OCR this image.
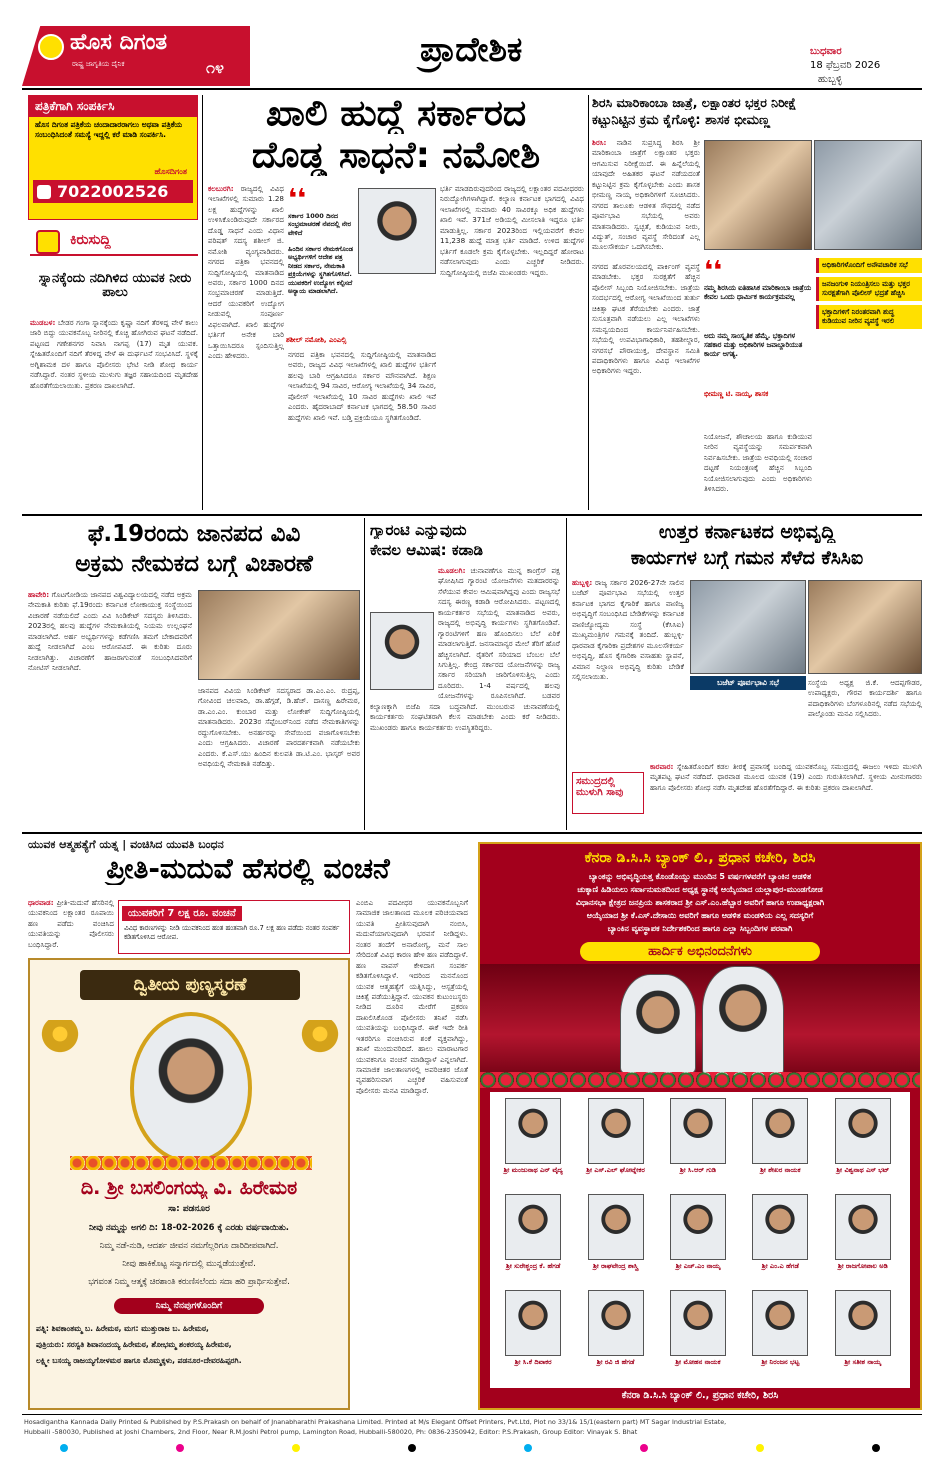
ಹೊಸ ದಿಗಂತ
ರಾಷ್ಟ್ರ ಜಾಗೃತಿಯ ದೈನಿಕ	೧೪	ಪ್ರಾದೇಶಿಕ	ಬುಧವಾರ
18 ಫೆಬ್ರವರಿ 2026
ಹುಬ್ಬಳ್ಳಿ
ಪತ್ರಿಕೆಗಾಗಿ ಸಂಪರ್ಕಿಸಿ
ಹೊಸ ದಿಗಂತ ಪತ್ರಿಕೆಯ ಚಂದಾದಾರರಾಗಲು ಅಥವಾ ಪತ್ರಿಕೆಯ ಸಂಬಂಧಿಸಿದಂತೆ ಸಮಸ್ಯೆ ಇದ್ದಲ್ಲಿ ಕರೆ ಮಾಡಿ ಸಂಪರ್ಕಿಸಿ.
ಹೊಸದಿಗಂತ
7022002526
ಕಿರುಸುದ್ದಿ
ಸ್ನಾನಕ್ಕೆಂದು ನದಿಗಿಳಿದ ಯುವಕ ನೀರು ಪಾಲು
ಮುಡಬಳ: ಬೇಡರ ಗಂಗಾ ಸ್ನಾನಕ್ಕೆಂದು ಕೃಷ್ಣಾ ನದಿಗೆ ತೆರಳಿದ್ದ ವೇಳೆ ಕಾಲು ಜಾರಿ ಬಿದ್ದು ಯುವಕನೊಬ್ಬ ನೀರಿನಲ್ಲಿ ಕೊಚ್ಚಿ ಹೋಗಿರುವ ಘಟನೆ ನಡೆದಿದೆ. ಪಟ್ಟಣದ ಗಣೇಶನಗರ ನಿವಾಸಿ ನಾಗಪ್ಪ (17) ಮೃತ ಯುವಕ. ಸ್ನೇಹಿತರೊಂದಿಗೆ ನದಿಗೆ ತೆರಳಿದ್ದ ವೇಳೆ ಈ ದುರ್ಘಟನೆ ಸಂಭವಿಸಿದೆ. ಸ್ಥಳಕ್ಕೆ ಅಗ್ನಿಶಾಮಕ ದಳ ಹಾಗೂ ಪೊಲೀಸರು ಭೇಟಿ ನೀಡಿ ಶೋಧ ಕಾರ್ಯ ನಡೆಸಿದ್ದಾರೆ. ನಂತರ ಸ್ಥಳೀಯ ಮುಳುಗು ತಜ್ಞರ ಸಹಾಯದಿಂದ ಮೃತದೇಹ ಹೊರತೆಗೆಯಲಾಯಿತು. ಪ್ರಕರಣ ದಾಖಲಾಗಿದೆ.
ಖಾಲಿ ಹುದ್ದೆ ಸರ್ಕಾರದ
ದೊಡ್ಡ ಸಾಧನೆ: ನಮೋಶಿ
ಕಲಬುರಗಿ: ರಾಜ್ಯದಲ್ಲಿ ವಿವಿಧ ಇಲಾಖೆಗಳಲ್ಲಿ ಸುಮಾರು 1.28 ಲಕ್ಷ ಹುದ್ದೆಗಳನ್ನು ಖಾಲಿ ಉಳಿಸಿಕೊಂಡಿರುವುದೇ ಸರ್ಕಾರದ ದೊಡ್ಡ ಸಾಧನೆ ಎಂದು ವಿಧಾನ ಪರಿಷತ್ ಸದಸ್ಯ ಶಶೀಲ್ ಜಿ. ನಮೋಶಿ ವ್ಯಂಗ್ಯವಾಡಿದರು. ನಗರದ ಪತ್ರಿಕಾ ಭವನದಲ್ಲಿ ಸುದ್ದಿಗೋಷ್ಠಿಯಲ್ಲಿ ಮಾತನಾಡಿದ ಅವರು, ಸರ್ಕಾರ 1000 ದಿನದ ಸಂಭ್ರಮಾಚರಣೆ ಮಾಡುತ್ತಿದೆ. ಆದರೆ ಯುವಕರಿಗೆ ಉದ್ಯೋಗ ನೀಡುವಲ್ಲಿ ಸಂಪೂರ್ಣ ವಿಫಲವಾಗಿದೆ. ಖಾಲಿ ಹುದ್ದೆಗಳ ಭರ್ತಿಗೆ ಅನೇಕ ಬಾರಿ ಒತ್ತಾಯಿಸಿದರೂ ಸ್ಪಂದಿಸುತ್ತಿಲ್ಲ ಎಂದು ಹೇಳಿದರು.
❛❛
ಸರ್ಕಾರ 1000 ದಿನದ ಸಂಭ್ರಮಾಚರಣೆ ನೆಪದಲ್ಲಿ ನೇರ ವೇಳಿದೆ
ಹಿಂದಿನ ಸರ್ಕಾರ ನೇಮಕಗೊಂಡ ಅಭ್ಯರ್ಥಿಗಳಿಗೆ ಆದೇಶ ಪತ್ರ ನೀಡದ ಸರ್ಕಾರ, ನೇಮಕಾತಿ ಪ್ರಕ್ರಿಯೆಗಳನ್ನು ಸ್ಥಗಿತಗೊಳಿಸಿದೆ. ಯುವಕರಿಗೆ ಉದ್ಯೋಗ ಕಲ್ಪಿಸದೆ ಅನ್ಯಾಯ ಮಾಡಲಾಗಿದೆ.
ಶಶೀಲ್ ನಮೋಶಿ, ಎಂಎಲ್ಸಿ
ನಗರದ ಪತ್ರಿಕಾ ಭವನದಲ್ಲಿ ಸುದ್ದಿಗೋಷ್ಠಿಯಲ್ಲಿ ಮಾತನಾಡಿದ ಅವರು, ರಾಜ್ಯದ ವಿವಿಧ ಇಲಾಖೆಗಳಲ್ಲಿ ಖಾಲಿ ಹುದ್ದೆಗಳ ಭರ್ತಿಗೆ ಹಲವು ಬಾರಿ ಆಗ್ರಹಿಸಿದರೂ ಸರ್ಕಾರ ಮೌನವಾಗಿದೆ. ಶಿಕ್ಷಣ ಇಲಾಖೆಯಲ್ಲಿ 94 ಸಾವಿರ, ಆರೋಗ್ಯ ಇಲಾಖೆಯಲ್ಲಿ 34 ಸಾವಿರ, ಪೊಲೀಸ್ ಇಲಾಖೆಯಲ್ಲಿ 10 ಸಾವಿರ ಹುದ್ದೆಗಳು ಖಾಲಿ ಇವೆ ಎಂದರು. ಹೈದರಾಬಾದ್ ಕರ್ನಾಟಕ ಭಾಗದಲ್ಲಿ 58.50 ಸಾವಿರ ಹುದ್ದೆಗಳು ಖಾಲಿ ಇವೆ. ಬಡ್ತಿ ಪ್ರಕ್ರಿಯೆಯೂ ಸ್ಥಗಿತಗೊಂಡಿದೆ.
ಭರ್ತಿ ಮಾಡದಿರುವುದರಿಂದ ರಾಜ್ಯದಲ್ಲಿ ಲಕ್ಷಾಂತರ ಪದವೀಧರರು ನಿರುದ್ಯೋಗಿಗಳಾಗಿದ್ದಾರೆ. ಕಲ್ಯಾಣ ಕರ್ನಾಟಕ ಭಾಗದಲ್ಲಿ ವಿವಿಧ ಇಲಾಖೆಗಳಲ್ಲಿ ಸುಮಾರು 40 ಸಾವಿರಕ್ಕೂ ಅಧಿಕ ಹುದ್ದೆಗಳು ಖಾಲಿ ಇವೆ. 371ಜೆ ಅಡಿಯಲ್ಲಿ ಮೀಸಲಾತಿ ಇದ್ದರೂ ಭರ್ತಿ ಮಾಡುತ್ತಿಲ್ಲ. ಸರ್ಕಾರ 2023ರಿಂದ ಇಲ್ಲಿಯವರೆಗೆ ಕೇವಲ 11,238 ಹುದ್ದೆ ಮಾತ್ರ ಭರ್ತಿ ಮಾಡಿದೆ. ಉಳಿದ ಹುದ್ದೆಗಳ ಭರ್ತಿಗೆ ಕೂಡಲೇ ಕ್ರಮ ಕೈಗೊಳ್ಳಬೇಕು. ಇಲ್ಲದಿದ್ದರೆ ಹೋರಾಟ ನಡೆಸಲಾಗುವುದು ಎಂದು ಎಚ್ಚರಿಕೆ ನೀಡಿದರು. ಸುದ್ದಿಗೋಷ್ಠಿಯಲ್ಲಿ ಬಿಜೆಪಿ ಮುಖಂಡರು ಇದ್ದರು.
ಶಿರಸಿ ಮಾರಿಕಾಂಬಾ ಜಾತ್ರೆ, ಲಕ್ಷಾಂತರ ಭಕ್ತರ ನಿರೀಕ್ಷೆ
ಕಟ್ಟುನಿಟ್ಟಿನ ಕ್ರಮ ಕೈಗೊಳ್ಳಿ: ಶಾಸಕ ಭೀಮಣ್ಣ
ಶಿರಸಿ: ನಾಡಿನ ಸುಪ್ರಸಿದ್ಧ ಶಿರಸಿ ಶ್ರೀ ಮಾರಿಕಾಂಬಾ ಜಾತ್ರೆಗೆ ಲಕ್ಷಾಂತರ ಭಕ್ತರು ಆಗಮಿಸುವ ನಿರೀಕ್ಷೆಯಿದೆ. ಈ ಹಿನ್ನೆಲೆಯಲ್ಲಿ ಯಾವುದೇ ಅಹಿತಕರ ಘಟನೆ ನಡೆಯದಂತೆ ಕಟ್ಟುನಿಟ್ಟಿನ ಕ್ರಮ ಕೈಗೊಳ್ಳಬೇಕು ಎಂದು ಶಾಸಕ ಭೀಮಣ್ಣ ನಾಯ್ಕ ಅಧಿಕಾರಿಗಳಿಗೆ ಸೂಚಿಸಿದರು. ನಗರದ ತಾಲೂಕು ಆಡಳಿತ ಸೌಧದಲ್ಲಿ ನಡೆದ ಪೂರ್ವಭಾವಿ ಸಭೆಯಲ್ಲಿ ಅವರು ಮಾತನಾಡಿದರು. ಸ್ವಚ್ಛತೆ, ಕುಡಿಯುವ ನೀರು, ವಿದ್ಯುತ್, ಸಂಚಾರ ವ್ಯವಸ್ಥೆ ಸೇರಿದಂತೆ ಎಲ್ಲ ಮೂಲಸೌಕರ್ಯ ಒದಗಿಸಬೇಕು.
ನಗರದ ಹೊರವಲಯದಲ್ಲಿ ಪಾರ್ಕಿಂಗ್ ವ್ಯವಸ್ಥೆ ಮಾಡಬೇಕು. ಭಕ್ತರ ಸುರಕ್ಷತೆಗೆ ಹೆಚ್ಚಿನ ಪೊಲೀಸ್ ಸಿಬ್ಬಂದಿ ನಿಯೋಜಿಸಬೇಕು. ಜಾತ್ರೆಯ ಸಂದರ್ಭದಲ್ಲಿ ಆರೋಗ್ಯ ಇಲಾಖೆಯಿಂದ ತುರ್ತು ಚಿಕಿತ್ಸಾ ಘಟಕ ತೆರೆಯಬೇಕು ಎಂದರು. ಜಾತ್ರೆ ಸುಸೂತ್ರವಾಗಿ ನಡೆಯಲು ಎಲ್ಲ ಇಲಾಖೆಗಳು ಸಮನ್ವಯದಿಂದ ಕಾರ್ಯನಿರ್ವಹಿಸಬೇಕು. ಸಭೆಯಲ್ಲಿ ಉಪವಿಭಾಗಾಧಿಕಾರಿ, ತಹಶೀಲ್ದಾರ, ನಗರಸಭೆ ಪೌರಾಯುಕ್ತ, ದೇವಸ್ಥಾನ ಸಮಿತಿ ಪದಾಧಿಕಾರಿಗಳು ಹಾಗೂ ವಿವಿಧ ಇಲಾಖೆಗಳ ಅಧಿಕಾರಿಗಳು ಇದ್ದರು.
❛❛
ನಮ್ಮ ಶಿರಸಿಯ ಐತಿಹಾಸಿಕ ಮಾರಿಕಾಂಬಾ ಜಾತ್ರೆಯ ಕೇವಲ ಒಂದು ಧಾರ್ಮಿಕ ಕಾರ್ಯಕ್ರಮವಲ್ಲ
ಅದು ನಮ್ಮ ಸಾಂಸ್ಕೃತಿಕ ಹೆಮ್ಮೆ. ಭಕ್ತಾದಿಗಳ ಸಹಕಾರ ಮತ್ತು ಅಧಿಕಾರಿಗಳ ಜವಾಬ್ದಾರಿಯುತ ಕಾರ್ಯ ಅಗತ್ಯ.
ಭೀಮಣ್ಣ ಟಿ. ನಾಯ್ಕ, ಶಾಸಕ
ನಿಯೋಜನೆ, ಶೌಚಾಲಯ ಹಾಗೂ ಕುಡಿಯುವ ನೀರಿನ ವ್ಯವಸ್ಥೆಯನ್ನು ಸಮರ್ಪಕವಾಗಿ ನಿರ್ವಹಿಸಬೇಕು. ಜಾತ್ರೆಯ ಅವಧಿಯಲ್ಲಿ ಸಂಚಾರ ದಟ್ಟಣೆ ನಿಯಂತ್ರಣಕ್ಕೆ ಹೆಚ್ಚಿನ ಸಿಬ್ಬಂದಿ ನಿಯೋಜಿಸಲಾಗುವುದು ಎಂದು ಅಧಿಕಾರಿಗಳು ತಿಳಿಸಿದರು.
ಅಧಿಕಾರಿಗಳೊಂದಿಗೆ ಅನೌಪಚಾರಿಕ ಸಭೆ
ಜನಜಂಗುಳಿ ನಿಯಂತ್ರಿಸಲು ಮತ್ತು ಭಕ್ತರ ಸುರಕ್ಷತೆಗಾಗಿ ಪೊಲೀಸ್ ಭದ್ರತೆ ಹೆಚ್ಚಿಸಿ
ಭಕ್ತಾದಿಗಳಿಗೆ ನಿರಂತರವಾಗಿ ಶುದ್ಧ ಕುಡಿಯುವ ನೀರಿನ ವ್ಯವಸ್ಥೆ ಇರಲಿ
ಫೆ.19ರಂದು ಜಾನಪದ ವಿವಿ
ಅಕ್ರಮ ನೇಮಕದ ಬಗ್ಗೆ ವಿಚಾರಣೆ
ಹಾವೇರಿ: ಗೊಟಗೋಡಿಯ ಜಾನಪದ ವಿಶ್ವವಿದ್ಯಾಲಯದಲ್ಲಿ ನಡೆದ ಅಕ್ರಮ ನೇಮಕಾತಿ ಕುರಿತು ಫೆ.19ರಂದು ಕರ್ನಾಟಕ ಲೋಕಾಯುಕ್ತ ಸಂಸ್ಥೆಯಿಂದ ವಿಚಾರಣೆ ನಡೆಯಲಿದೆ ಎಂದು ವಿವಿ ಸಿಂಡಿಕೇಟ್ ಸದಸ್ಯರು ತಿಳಿಸಿದರು. 2023ರಲ್ಲಿ ಹಲವು ಹುದ್ದೆಗಳ ನೇಮಕಾತಿಯಲ್ಲಿ ನಿಯಮ ಉಲ್ಲಂಘನೆ ಮಾಡಲಾಗಿದೆ. ಅರ್ಹ ಅಭ್ಯರ್ಥಿಗಳನ್ನು ಕಡೆಗಣಿಸಿ ತಮಗೆ ಬೇಕಾದವರಿಗೆ ಹುದ್ದೆ ನೀಡಲಾಗಿದೆ ಎಂಬ ಆರೋಪವಿದೆ. ಈ ಕುರಿತು ದೂರು ನೀಡಲಾಗಿತ್ತು. ವಿಚಾರಣೆಗೆ ಹಾಜರಾಗುವಂತೆ ಸಂಬಂಧಿಸಿದವರಿಗೆ ನೋಟಿಸ್ ನೀಡಲಾಗಿದೆ.
ಜಾನಪದ ವಿವಿಯ ಸಿಂಡಿಕೇಟ್ ಸದಸ್ಯರಾದ ಡಾ.ಎಂ.ಎಂ. ರುದ್ರಪ್ಪ, ಗೋವಿಂದ ಚಲವಾದಿ, ಡಾ.ಹೆಗ್ಗಡೆ, ಡಿ.ಹೆಚ್. ದಾಸಣ್ಣ ಹಿರೇಮಠ, ಡಾ.ಎಂ.ಎಂ. ಕುಂಬಾರ ಮತ್ತು ಲೋಕೇಶ್ ಸುದ್ದಿಗೋಷ್ಠಿಯಲ್ಲಿ ಮಾತನಾಡಿದರು. 2023ರ ಸೆಪ್ಟೆಂಬರ್‌ನಿಂದ ನಡೆದ ನೇಮಕಾತಿಗಳನ್ನು ರದ್ದುಗೊಳಿಸಬೇಕು. ಅನರ್ಹರನ್ನು ಸೇವೆಯಿಂದ ವಜಾಗೊಳಿಸಬೇಕು ಎಂದು ಆಗ್ರಹಿಸಿದರು. ವಿಚಾರಣೆ ಪಾರದರ್ಶಕವಾಗಿ ನಡೆಯಬೇಕು ಎಂದರು. ಕೆ.ಎಸ್.ಯು ಹಿಂದಿನ ಕುಲಪತಿ ಡಾ.ಟಿ.ಎಂ. ಭಾಸ್ಕರ್ ಅವರ ಅವಧಿಯಲ್ಲಿ ನೇಮಕಾತಿ ನಡೆದಿತ್ತು.
ಗ್ಯಾರಂಟಿ ಎನ್ನುವುದು
ಕೇವಲ ಆಮಿಷ: ಕಡಾಡಿ
ಮೂಡಲಗಿ: ಚುನಾವಣೆಗೂ ಮುನ್ನ ಕಾಂಗ್ರೆಸ್ ಪಕ್ಷ ಘೋಷಿಸಿದ ಗ್ಯಾರಂಟಿ ಯೋಜನೆಗಳು ಮತದಾರರನ್ನು ಸೆಳೆಯುವ ಕೇವಲ ಆಮಿಷವಾಗಿದ್ದವು ಎಂದು ರಾಜ್ಯಸಭೆ ಸದಸ್ಯ ಈರಣ್ಣ ಕಡಾಡಿ ಆರೋಪಿಸಿದರು. ಪಟ್ಟಣದಲ್ಲಿ ಕಾರ್ಯಕರ್ತರ ಸಭೆಯಲ್ಲಿ ಮಾತನಾಡಿದ ಅವರು, ರಾಜ್ಯದಲ್ಲಿ ಅಭಿವೃದ್ಧಿ ಕಾರ್ಯಗಳು ಸ್ಥಗಿತಗೊಂಡಿವೆ. ಗ್ಯಾರಂಟಿಗಳಿಗೆ ಹಣ ಹೊಂದಿಸಲು ಬೆಲೆ ಏರಿಕೆ ಮಾಡಲಾಗುತ್ತಿದೆ. ಜನಸಾಮಾನ್ಯರ ಮೇಲೆ ತೆರಿಗೆ ಹೊರೆ ಹೆಚ್ಚಿಸಲಾಗಿದೆ. ರೈತರಿಗೆ ಸರಿಯಾದ ಬೆಂಬಲ ಬೆಲೆ ಸಿಗುತ್ತಿಲ್ಲ. ಕೇಂದ್ರ ಸರ್ಕಾರದ ಯೋಜನೆಗಳನ್ನು ರಾಜ್ಯ ಸರ್ಕಾರ ಸರಿಯಾಗಿ ಜಾರಿಗೊಳಿಸುತ್ತಿಲ್ಲ ಎಂದು ದೂರಿದರು. 1-4 ವರ್ಷದಲ್ಲಿ ಹಲವು ಯೋಜನೆಗಳನ್ನು ರೂಪಿಸಲಾಗಿದೆ. ಬಡವರ ಕಲ್ಯಾಣಕ್ಕಾಗಿ ಬಿಜೆಪಿ ಸದಾ ಬದ್ಧವಾಗಿದೆ. ಮುಂಬರುವ ಚುನಾವಣೆಯಲ್ಲಿ ಕಾರ್ಯಕರ್ತರು ಸಂಘಟಿತರಾಗಿ ಕೆಲಸ ಮಾಡಬೇಕು ಎಂದು ಕರೆ ನೀಡಿದರು. ಮುಖಂಡರು ಹಾಗೂ ಕಾರ್ಯಕರ್ತರು ಉಪಸ್ಥಿತರಿದ್ದರು.
ಉತ್ತರ ಕರ್ನಾಟಕದ ಅಭಿವೃದ್ಧಿ
ಕಾರ್ಯಗಳ ಬಗ್ಗೆ ಗಮನ ಸೆಳೆದ ಕೆಸಿಸಿಐ
ಹುಬ್ಬಳ್ಳಿ: ರಾಜ್ಯ ಸರ್ಕಾರ 2026-27ನೇ ಸಾಲಿನ ಬಜೆಟ್ ಪೂರ್ವಭಾವಿ ಸಭೆಯಲ್ಲಿ ಉತ್ತರ ಕರ್ನಾಟಕ ಭಾಗದ ಕೈಗಾರಿಕೆ ಹಾಗೂ ವಾಣಿಜ್ಯ ಅಭಿವೃದ್ಧಿಗೆ ಸಂಬಂಧಿಸಿದ ಬೇಡಿಕೆಗಳನ್ನು ಕರ್ನಾಟಕ ವಾಣಿಜ್ಯೋದ್ಯಮ ಸಂಸ್ಥೆ (ಕೆಸಿಸಿಐ) ಮುಖ್ಯಮಂತ್ರಿಗಳ ಗಮನಕ್ಕೆ ತಂದಿದೆ. ಹುಬ್ಬಳ್ಳಿ-ಧಾರವಾಡ ಕೈಗಾರಿಕಾ ಪ್ರದೇಶಗಳ ಮೂಲಸೌಕರ್ಯ ಅಭಿವೃದ್ಧಿ, ಹೊಸ ಕೈಗಾರಿಕಾ ವಸಾಹತು ಸ್ಥಾಪನೆ, ವಿಮಾನ ನಿಲ್ದಾಣ ಅಭಿವೃದ್ಧಿ ಕುರಿತು ಬೇಡಿಕೆ ಸಲ್ಲಿಸಲಾಯಿತು.
ಬಜೆಟ್ ಪೂರ್ವಭಾವಿ ಸಭೆ	ಸಂಸ್ಥೆಯ ಅಧ್ಯಕ್ಷ ಜಿ.ಕೆ. ಆದಪ್ಪಗೌಡರ, ಉಪಾಧ್ಯಕ್ಷರು, ಗೌರವ ಕಾರ್ಯದರ್ಶಿ ಹಾಗೂ ಪದಾಧಿಕಾರಿಗಳು ಬೆಂಗಳೂರಿನಲ್ಲಿ ನಡೆದ ಸಭೆಯಲ್ಲಿ ಪಾಲ್ಗೊಂಡು ಮನವಿ ಸಲ್ಲಿಸಿದರು.
ಸಮುದ್ರದಲ್ಲಿ ಮುಳುಗಿ ಸಾವು
ಕಾರವಾರ: ಸ್ನೇಹಿತರೊಂದಿಗೆ ಕಡಲ ತೀರಕ್ಕೆ ಪ್ರವಾಸಕ್ಕೆ ಬಂದಿದ್ದ ಯುವಕನೊಬ್ಬ ಸಮುದ್ರದಲ್ಲಿ ಈಜಲು ಇಳಿದು ಮುಳುಗಿ ಮೃತಪಟ್ಟ ಘಟನೆ ನಡೆದಿದೆ. ಧಾರವಾಡ ಮೂಲದ ಯುವಕ (19) ಎಂದು ಗುರುತಿಸಲಾಗಿದೆ. ಸ್ಥಳೀಯ ಮೀನುಗಾರರು ಹಾಗೂ ಪೊಲೀಸರು ಶೋಧ ನಡೆಸಿ ಮೃತದೇಹ ಹೊರತೆಗೆದಿದ್ದಾರೆ. ಈ ಕುರಿತು ಪ್ರಕರಣ ದಾಖಲಾಗಿದೆ.
ಯುವಕ ಆತ್ಮಹತ್ಯೆಗೆ ಯತ್ನ | ವಂಚಿಸಿದ ಯುವತಿ ಬಂಧನ
ಪ್ರೀತಿ-ಮದುವೆ ಹೆಸರಲ್ಲಿ ವಂಚನೆ
ಧಾರವಾಡ: ಪ್ರೀತಿ-ಮದುವೆ ಹೆಸರಿನಲ್ಲಿ ಯುವಕನಿಂದ ಲಕ್ಷಾಂತರ ರೂಪಾಯಿ ಹಣ ಪಡೆದು ವಂಚಿಸಿದ ಯುವತಿಯನ್ನು ಪೊಲೀಸರು ಬಂಧಿಸಿದ್ದಾರೆ.
ಯುವಕರಿಗೆ 7 ಲಕ್ಷ ರೂ. ವಂಚನೆ
ವಿವಿಧ ಕಾರಣಗಳನ್ನು ನೀಡಿ ಯುವಕನಿಂದ ಹಂತ ಹಂತವಾಗಿ ರೂ.7 ಲಕ್ಷ ಹಣ ಪಡೆದು ನಂತರ ಸಂಪರ್ಕ ಕಡಿತಗೊಳಿಸಿದ ಆರೋಪ.
ಎಂಬಿಎ ಪದವೀಧರ ಯುವಕನೊಬ್ಬನಿಗೆ ಸಾಮಾಜಿಕ ಜಾಲತಾಣದ ಮೂಲಕ ಪರಿಚಯವಾದ ಯುವತಿ ಪ್ರೀತಿಸುವುದಾಗಿ ನಂಬಿಸಿ, ಮದುವೆಯಾಗುವುದಾಗಿ ಭರವಸೆ ನೀಡಿದ್ದಳು. ನಂತರ ತಂದೆಗೆ ಅನಾರೋಗ್ಯ, ಮನೆ ಸಾಲ ಸೇರಿದಂತೆ ವಿವಿಧ ಕಾರಣ ಹೇಳಿ ಹಣ ಪಡೆದಿದ್ದಾಳೆ. ಹಣ ವಾಪಸ್ ಕೇಳಿದಾಗ ಸಂಪರ್ಕ ಕಡಿತಗೊಳಿಸಿದ್ದಾಳೆ. ಇದರಿಂದ ಮನನೊಂದ ಯುವಕ ಆತ್ಮಹತ್ಯೆಗೆ ಯತ್ನಿಸಿದ್ದು, ಆಸ್ಪತ್ರೆಯಲ್ಲಿ ಚಿಕಿತ್ಸೆ ಪಡೆಯುತ್ತಿದ್ದಾನೆ. ಯುವಕನ ಕುಟುಂಬಸ್ಥರು ನೀಡಿದ ದೂರಿನ ಮೇರೆಗೆ ಪ್ರಕರಣ ದಾಖಲಿಸಿಕೊಂಡ ಪೊಲೀಸರು ತನಿಖೆ ನಡೆಸಿ ಯುವತಿಯನ್ನು ಬಂಧಿಸಿದ್ದಾರೆ. ಈಕೆ ಇದೇ ರೀತಿ ಇತರರಿಗೂ ವಂಚಿಸಿರುವ ಶಂಕೆ ವ್ಯಕ್ತವಾಗಿದ್ದು, ತನಿಖೆ ಮುಂದುವರಿದಿದೆ. ಹಾಲು ಮಾರಾಟಗಾರ ಯುವಕನಿಗೂ ವಂಚನೆ ಮಾಡಿದ್ದಾಳೆ ಎನ್ನಲಾಗಿದೆ. ಸಾಮಾಜಿಕ ಜಾಲತಾಣಗಳಲ್ಲಿ ಅಪರಿಚಿತರ ಜೊತೆ ವ್ಯವಹರಿಸುವಾಗ ಎಚ್ಚರಿಕೆ ವಹಿಸುವಂತೆ ಪೊಲೀಸರು ಮನವಿ ಮಾಡಿದ್ದಾರೆ.
ದ್ವಿತೀಯ ಪುಣ್ಯಸ್ಮರಣೆ
ದಿ. ಶ್ರೀ ಬಸಲಿಂಗಯ್ಯ ವಿ. ಹಿರೇಮಠ
ಸಾ: ಪಡನೂರ
ನೀವು ನಮ್ಮನ್ನು ಅಗಲಿ ದಿ: 18-02-2026 ಕ್ಕೆ ಎರಡು ವರ್ಷವಾಯಿತು.
ನಿಮ್ಮ ನಡೆ-ನುಡಿ, ಆದರ್ಶ ಜೀವನ ನಮಗೆಲ್ಲರಿಗೂ ದಾರಿದೀಪವಾಗಿದೆ.
ನೀವು ಹಾಕಿಕೊಟ್ಟ ಸನ್ಮಾರ್ಗದಲ್ಲಿ ಮುನ್ನಡೆಯುತ್ತೇವೆ.
ಭಗವಂತ ನಿಮ್ಮ ಆತ್ಮಕ್ಕೆ ಚಿರಶಾಂತಿ ಕರುಣಿಸಲೆಂದು ಸದಾ ಹರಿ ಪ್ರಾರ್ಥಿಸುತ್ತೇವೆ.
ನಿಮ್ಮ ನೆನಪುಗಳೊಂದಿಗೆ
ಪತ್ನಿ: ಶಿವಕಾಂತಮ್ಮ ಬ. ಹಿರೇಮಠ, ಮಗ: ಮುತ್ತುರಾಜ ಬ. ಹಿರೇಮಠ,
ಪುತ್ರಿಯರು: ಸರಸ್ವತಿ ಶಿವಾನಂದಯ್ಯ ಹಿರೇಮಠ, ಶೋಭಮ್ಮ ಶಂಕರಯ್ಯ ಹಿರೇಮಠ,
ಲಕ್ಷ್ಮೀ ಬಸಯ್ಯ ರಾಜಯ್ಯಗೋಳಮಠ ಹಾಗೂ ಮೊಮ್ಮಕ್ಕಳು, ಪಡನೂರ-ದೇವರಹಿಪ್ಪರಗಿ.
ಕೆನರಾ ಡಿ.ಸಿ.ಸಿ ಬ್ಯಾಂಕ್ ಲಿ., ಪ್ರಧಾನ ಕಚೇರಿ, ಶಿರಸಿ
ಬ್ಯಾಂಕನ್ನು ಅಭಿವೃದ್ಧಿಯತ್ತ ಕೊಂಡೊಯ್ದು ಮುಂದಿನ 5 ವರ್ಷಗಳವರೆಗೆ ಬ್ಯಾಂಕಿನ ಆಡಳಿತ
ಚುಕ್ಕಾಣಿ ಹಿಡಿಯಲು ಸರ್ವಾನುಮತದಿಂದ ಅಧ್ಯಕ್ಷ ಸ್ಥಾನಕ್ಕೆ ಆಯ್ಕೆಯಾದ ಯಲ್ಲಾಪುರ-ಮುಂಡಗೋಡ
ವಿಧಾನಸಭಾ ಕ್ಷೇತ್ರದ ಜನಪ್ರಿಯ ಶಾಸಕರಾದ ಶ್ರೀ ಎಸ್.ಎಂ.ಹೆಬ್ಬಾರ ಅವರಿಗೆ ಹಾಗೂ ಉಪಾಧ್ಯಕ್ಷರಾಗಿ
ಆಯ್ಕೆಯಾದ ಶ್ರೀ ಕೆ.ಎಸ್.ದೇಸಾಯಿ ಅವರಿಗೆ ಹಾಗೂ ಆಡಳಿತ ಮಂಡಳಿಯ ಎಲ್ಲ ಸದಸ್ಯರಿಗೆ
ಬ್ಯಾಂಕಿನ ವ್ಯವಸ್ಥಾಪಕ ನಿರ್ದೇಶಕರಿಂದ ಹಾಗೂ ಎಲ್ಲಾ ಸಿಬ್ಬಂದಿಗಳ ಪರವಾಗಿ
ಹಾರ್ದಿಕ ಅಭಿನಂದನೆಗಳು
ಶ್ರೀ ಮಂಜುನಾಥ ಎನ್ ವೈದ್ಯ	ಶ್ರೀ ಎಸ್.ಎಲ್ ಘೋಟ್ನೇಕರ	ಶ್ರೀ ಸಿ.ಆರ್ ಗುಡಿ	ಶ್ರೀ ಶೇಖರ ನಾಯಕ	ಶ್ರೀ ವಿಶ್ವನಾಥ ಎಸ್ ಭಟ್
ಶ್ರೀ ಸುರೇಶ್ಚಂದ್ರ ಕೆ. ಹೆಗಡೆ	ಶ್ರೀ ರಾಘವೇಂದ್ರ ಶಾಸ್ತ್ರಿ	ಶ್ರೀ ಎಚ್.ಎಂ ನಾಯ್ಕ	ಶ್ರೀ ಎಂ.ಎ ಹೆಗಡೆ	ಶ್ರೀ ರಾಜಗೋಪಾಲ ಅಡಿ
ಶ್ರೀ ಸಿ.ಕೆ ದಿವಾಕರ	ಶ್ರೀ ರವಿ ಜಿ ಹೆಗಡೆ	ಶ್ರೀ ಮೋಹನ ನಾಯಕ	ಶ್ರೀ ನಿರಂಜನ ಭಟ್ಟ	ಶ್ರೀ ಸತೀಶ ನಾಯ್ಕ
ಕೆನರಾ ಡಿ.ಸಿ.ಸಿ ಬ್ಯಾಂಕ್ ಲಿ., ಪ್ರಧಾನ ಕಚೇರಿ, ಶಿರಸಿ
Hosadigantha Kannada Daily Printed & Published by P.S.Prakash on behalf of Jnanabharathi Prakashana Limited. Printed at M/s Elegant Offset Printers, Pvt.Ltd, Plot no 33/1& 15/1(eastern part) MT Sagar Industrial Estate,
Hubballi -580030, Published at Joshi Chambers, 2nd Floor, Near R.M.Joshi Petrol pump, Lamington Road, Hubballi-580020, Ph: 0836-2350942, Editor: P.S.Prakash, Group Editor: Vinayak S. Bhat
